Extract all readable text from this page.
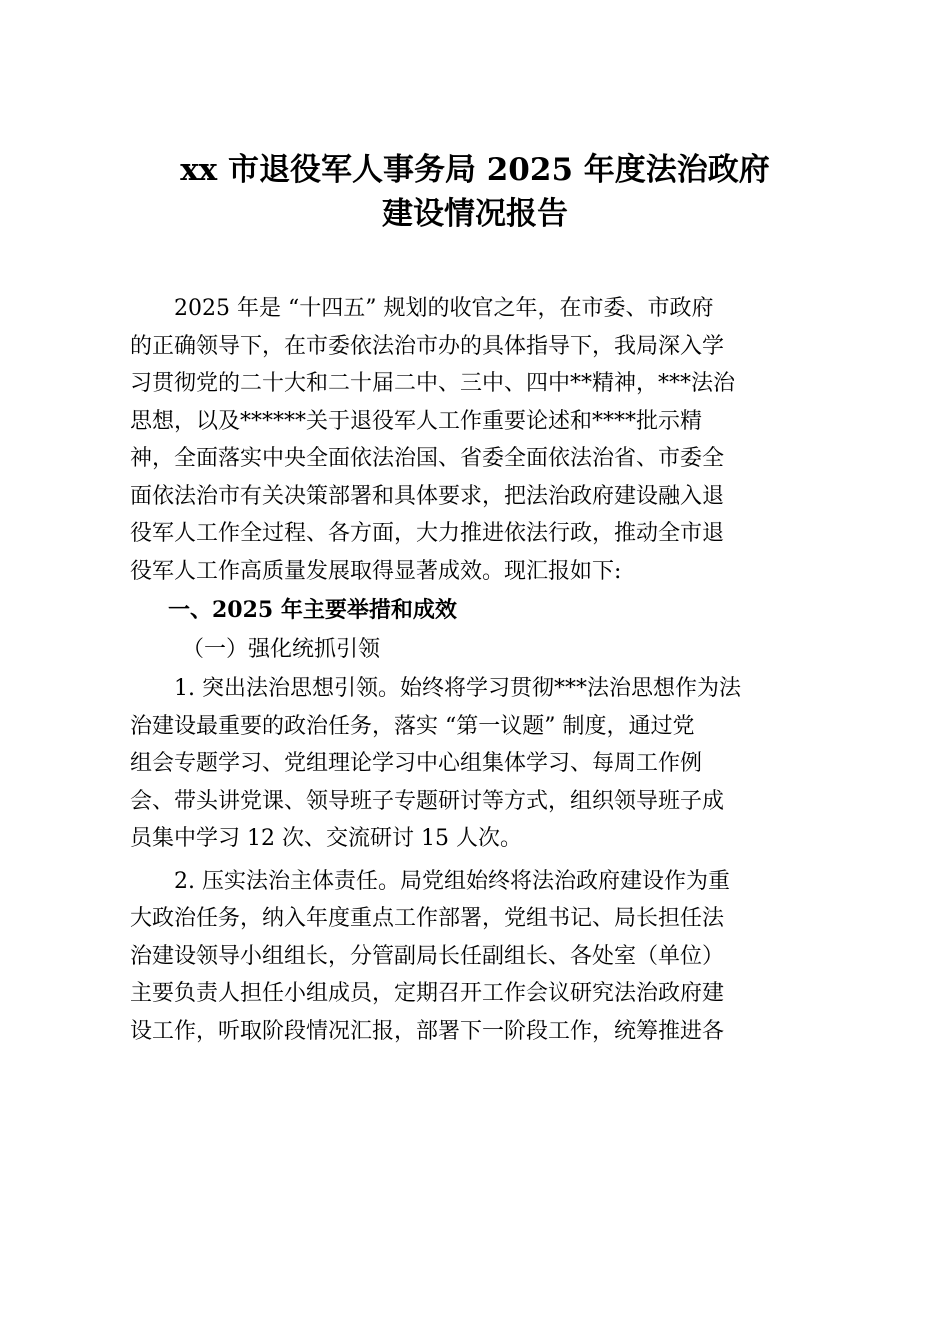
xx 市退役军人事务局 2025 年度法治政府
建设情况报告

2025 年是 “十四五” 规划的收官之年，在市委、市政府
的正确领导下，在市委依法治市办的具体指导下，我局深入学
习贯彻党的二十大和二十届二中、三中、四中**精神，***法治
思想，以及******关于退役军人工作重要论述和****批示精
神，全面落实中央全面依法治国、省委全面依法治省、市委全
面依法治市有关决策部署和具体要求，把法治政府建设融入退
役军人工作全过程、各方面，大力推进依法行政，推动全市退
役军人工作高质量发展取得显著成效。现汇报如下:

一、2025 年主要举措和成效

（一）强化统抓引领

1. 突出法治思想引领。始终将学习贯彻***法治思想作为法
治建设最重要的政治任务，落实 “第一议题” 制度，通过党
组会专题学习、党组理论学习中心组集体学习、每周工作例
会、带头讲党课、领导班子专题研讨等方式，组织领导班子成
员集中学习 12 次、交流研讨 15 人次。

2. 压实法治主体责任。局党组始终将法治政府建设作为重
大政治任务，纳入年度重点工作部署，党组书记、局长担任法
治建设领导小组组长，分管副局长任副组长、各处室（单位）
主要负责人担任小组成员，定期召开工作会议研究法治政府建
设工作，听取阶段情况汇报，部署下一阶段工作，统筹推进各
